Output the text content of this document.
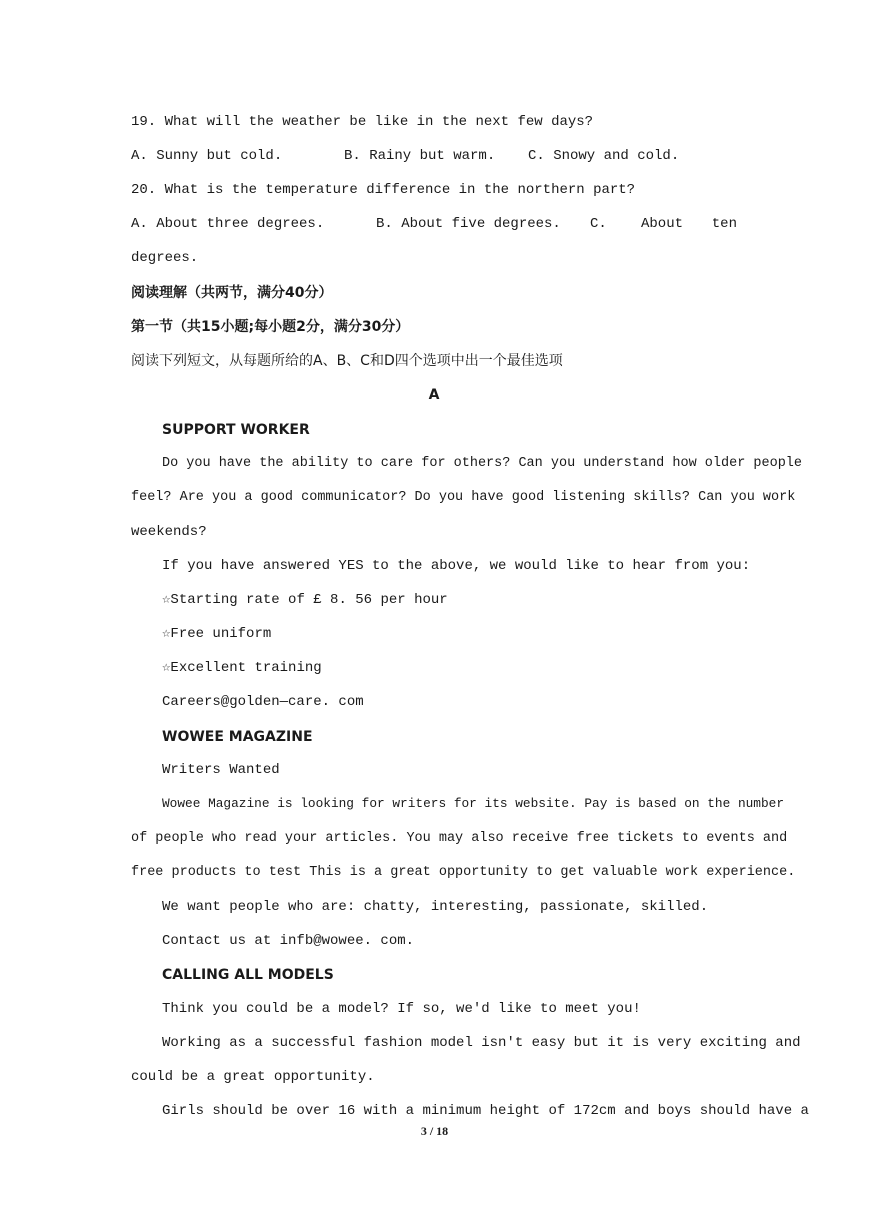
19. What will the weather be like in the next few days?
A. Sunny but cold.	B. Rainy but warm. C. Snowy and cold.
20. What is the temperature difference in the northern part?
A. About three degrees.	B. About five degrees. C. About ten
degrees.
阅读理解（共两节，满分40分）
第一节（共15小题;每小题2分，满分30分）
阅读下列短文，从每题所给的A、B、C和D四个选项中出一个最佳选项
A
SUPPORT WORKER
Do you have the ability to care for others? Can you understand how older people
feel? Are you a good communicator? Do you have good listening skills? Can you work
weekends?
If you have answered YES to the above, we would like to hear from you:
☆Starting rate of £ 8. 56 per hour
☆Free uniform
☆Excellent training
Careers@golden—care. com
WOWEE MAGAZINE
Writers Wanted
Wowee Magazine is looking for writers for its website. Pay is based on the number
of people who read your articles. You may also receive free tickets to events and
free products to test This is a great opportunity to get valuable work experience.
We want people who are: chatty, interesting, passionate, skilled.
Contact us at infb@wowee. com.
CALLING ALL MODELS
Think you could be a model? If so, we'd like to meet you!
Working as a successful fashion model isn't easy but it is very exciting and
could be a great opportunity.
Girls should be over 16 with a minimum height of 172cm and boys should have a
3 / 18
